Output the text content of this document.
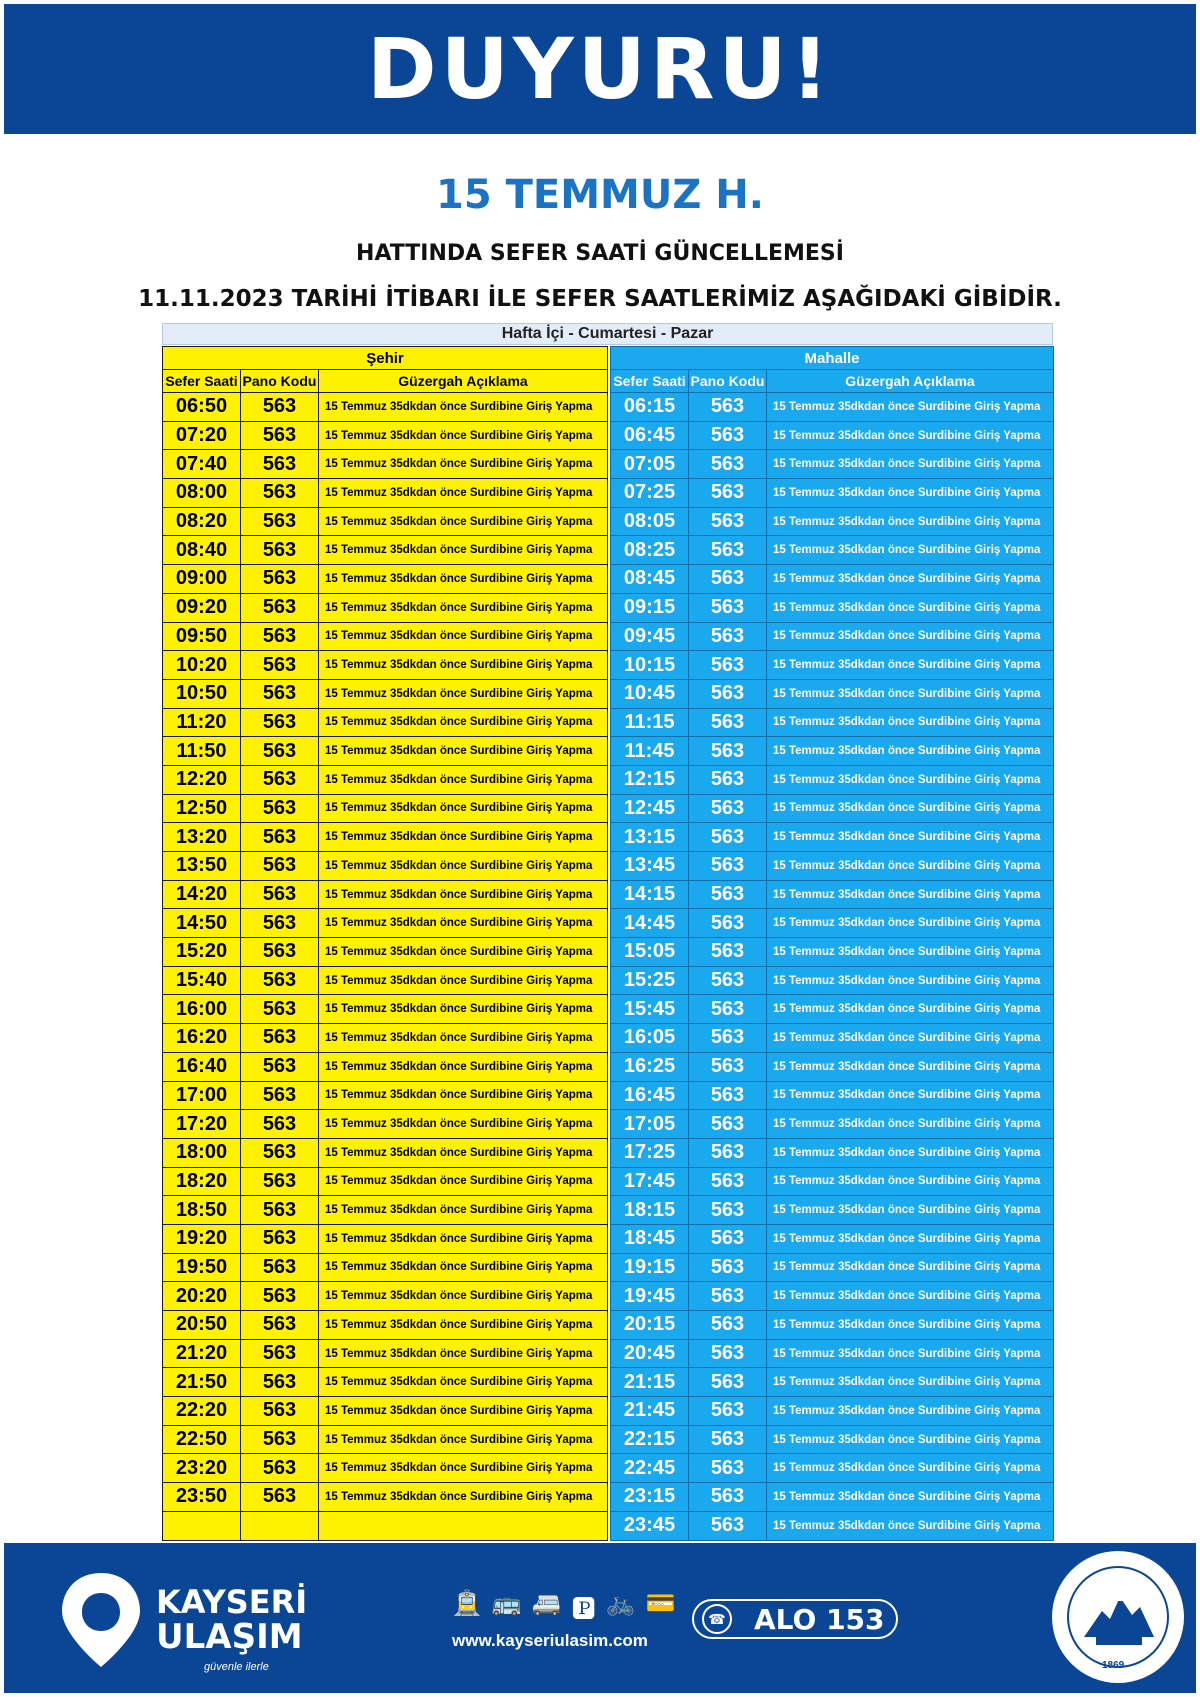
DUYURU!
15 TEMMUZ H.
HATTINDA SEFER SAATİ GÜNCELLEMESİ
11.11.2023 TARİHİ İTİBARI İLE SEFER SAATLERİMİZ AŞAĞIDAKİ GİBİDİR.
Hafta İçi - Cumartesi - Pazar
Şehir		
Sefer Saati	Pano Kodu	Güzergah Açıklama
06:50	563	15 Temmuz 35dkdan önce Surdibine Giriş Yapma
07:20	563	15 Temmuz 35dkdan önce Surdibine Giriş Yapma
07:40	563	15 Temmuz 35dkdan önce Surdibine Giriş Yapma
08:00	563	15 Temmuz 35dkdan önce Surdibine Giriş Yapma
08:20	563	15 Temmuz 35dkdan önce Surdibine Giriş Yapma
08:40	563	15 Temmuz 35dkdan önce Surdibine Giriş Yapma
09:00	563	15 Temmuz 35dkdan önce Surdibine Giriş Yapma
09:20	563	15 Temmuz 35dkdan önce Surdibine Giriş Yapma
09:50	563	15 Temmuz 35dkdan önce Surdibine Giriş Yapma
10:20	563	15 Temmuz 35dkdan önce Surdibine Giriş Yapma
10:50	563	15 Temmuz 35dkdan önce Surdibine Giriş Yapma
11:20	563	15 Temmuz 35dkdan önce Surdibine Giriş Yapma
11:50	563	15 Temmuz 35dkdan önce Surdibine Giriş Yapma
12:20	563	15 Temmuz 35dkdan önce Surdibine Giriş Yapma
12:50	563	15 Temmuz 35dkdan önce Surdibine Giriş Yapma
13:20	563	15 Temmuz 35dkdan önce Surdibine Giriş Yapma
13:50	563	15 Temmuz 35dkdan önce Surdibine Giriş Yapma
14:20	563	15 Temmuz 35dkdan önce Surdibine Giriş Yapma
14:50	563	15 Temmuz 35dkdan önce Surdibine Giriş Yapma
15:20	563	15 Temmuz 35dkdan önce Surdibine Giriş Yapma
15:40	563	15 Temmuz 35dkdan önce Surdibine Giriş Yapma
16:00	563	15 Temmuz 35dkdan önce Surdibine Giriş Yapma
16:20	563	15 Temmuz 35dkdan önce Surdibine Giriş Yapma
16:40	563	15 Temmuz 35dkdan önce Surdibine Giriş Yapma
17:00	563	15 Temmuz 35dkdan önce Surdibine Giriş Yapma
17:20	563	15 Temmuz 35dkdan önce Surdibine Giriş Yapma
18:00	563	15 Temmuz 35dkdan önce Surdibine Giriş Yapma
18:20	563	15 Temmuz 35dkdan önce Surdibine Giriş Yapma
18:50	563	15 Temmuz 35dkdan önce Surdibine Giriş Yapma
19:20	563	15 Temmuz 35dkdan önce Surdibine Giriş Yapma
19:50	563	15 Temmuz 35dkdan önce Surdibine Giriş Yapma
20:20	563	15 Temmuz 35dkdan önce Surdibine Giriş Yapma
20:50	563	15 Temmuz 35dkdan önce Surdibine Giriş Yapma
21:20	563	15 Temmuz 35dkdan önce Surdibine Giriş Yapma
21:50	563	15 Temmuz 35dkdan önce Surdibine Giriş Yapma
22:20	563	15 Temmuz 35dkdan önce Surdibine Giriş Yapma
22:50	563	15 Temmuz 35dkdan önce Surdibine Giriş Yapma
23:20	563	15 Temmuz 35dkdan önce Surdibine Giriş Yapma
23:50	563	15 Temmuz 35dkdan önce Surdibine Giriş Yapma

Mahalle		
Sefer Saati	Pano Kodu	Güzergah Açıklama
06:15	563	15 Temmuz 35dkdan önce Surdibine Giriş Yapma
06:45	563	15 Temmuz 35dkdan önce Surdibine Giriş Yapma
07:05	563	15 Temmuz 35dkdan önce Surdibine Giriş Yapma
07:25	563	15 Temmuz 35dkdan önce Surdibine Giriş Yapma
08:05	563	15 Temmuz 35dkdan önce Surdibine Giriş Yapma
08:25	563	15 Temmuz 35dkdan önce Surdibine Giriş Yapma
08:45	563	15 Temmuz 35dkdan önce Surdibine Giriş Yapma
09:15	563	15 Temmuz 35dkdan önce Surdibine Giriş Yapma
09:45	563	15 Temmuz 35dkdan önce Surdibine Giriş Yapma
10:15	563	15 Temmuz 35dkdan önce Surdibine Giriş Yapma
10:45	563	15 Temmuz 35dkdan önce Surdibine Giriş Yapma
11:15	563	15 Temmuz 35dkdan önce Surdibine Giriş Yapma
11:45	563	15 Temmuz 35dkdan önce Surdibine Giriş Yapma
12:15	563	15 Temmuz 35dkdan önce Surdibine Giriş Yapma
12:45	563	15 Temmuz 35dkdan önce Surdibine Giriş Yapma
13:15	563	15 Temmuz 35dkdan önce Surdibine Giriş Yapma
13:45	563	15 Temmuz 35dkdan önce Surdibine Giriş Yapma
14:15	563	15 Temmuz 35dkdan önce Surdibine Giriş Yapma
14:45	563	15 Temmuz 35dkdan önce Surdibine Giriş Yapma
15:05	563	15 Temmuz 35dkdan önce Surdibine Giriş Yapma
15:25	563	15 Temmuz 35dkdan önce Surdibine Giriş Yapma
15:45	563	15 Temmuz 35dkdan önce Surdibine Giriş Yapma
16:05	563	15 Temmuz 35dkdan önce Surdibine Giriş Yapma
16:25	563	15 Temmuz 35dkdan önce Surdibine Giriş Yapma
16:45	563	15 Temmuz 35dkdan önce Surdibine Giriş Yapma
17:05	563	15 Temmuz 35dkdan önce Surdibine Giriş Yapma
17:25	563	15 Temmuz 35dkdan önce Surdibine Giriş Yapma
17:45	563	15 Temmuz 35dkdan önce Surdibine Giriş Yapma
18:15	563	15 Temmuz 35dkdan önce Surdibine Giriş Yapma
18:45	563	15 Temmuz 35dkdan önce Surdibine Giriş Yapma
19:15	563	15 Temmuz 35dkdan önce Surdibine Giriş Yapma
19:45	563	15 Temmuz 35dkdan önce Surdibine Giriş Yapma
20:15	563	15 Temmuz 35dkdan önce Surdibine Giriş Yapma
20:45	563	15 Temmuz 35dkdan önce Surdibine Giriş Yapma
21:15	563	15 Temmuz 35dkdan önce Surdibine Giriş Yapma
21:45	563	15 Temmuz 35dkdan önce Surdibine Giriş Yapma
22:15	563	15 Temmuz 35dkdan önce Surdibine Giriş Yapma
22:45	563	15 Temmuz 35dkdan önce Surdibine Giriş Yapma
23:15	563	15 Temmuz 35dkdan önce Surdibine Giriş Yapma
23:45	563	15 Temmuz 35dkdan önce Surdibine Giriş Yapma
KAYSERİ
ULAŞIM
güvenle ilerle
🚊 🚌 🚐 🅿 🚲 💳
www.kayseriulasim.com
☎ ALO 153
1869
